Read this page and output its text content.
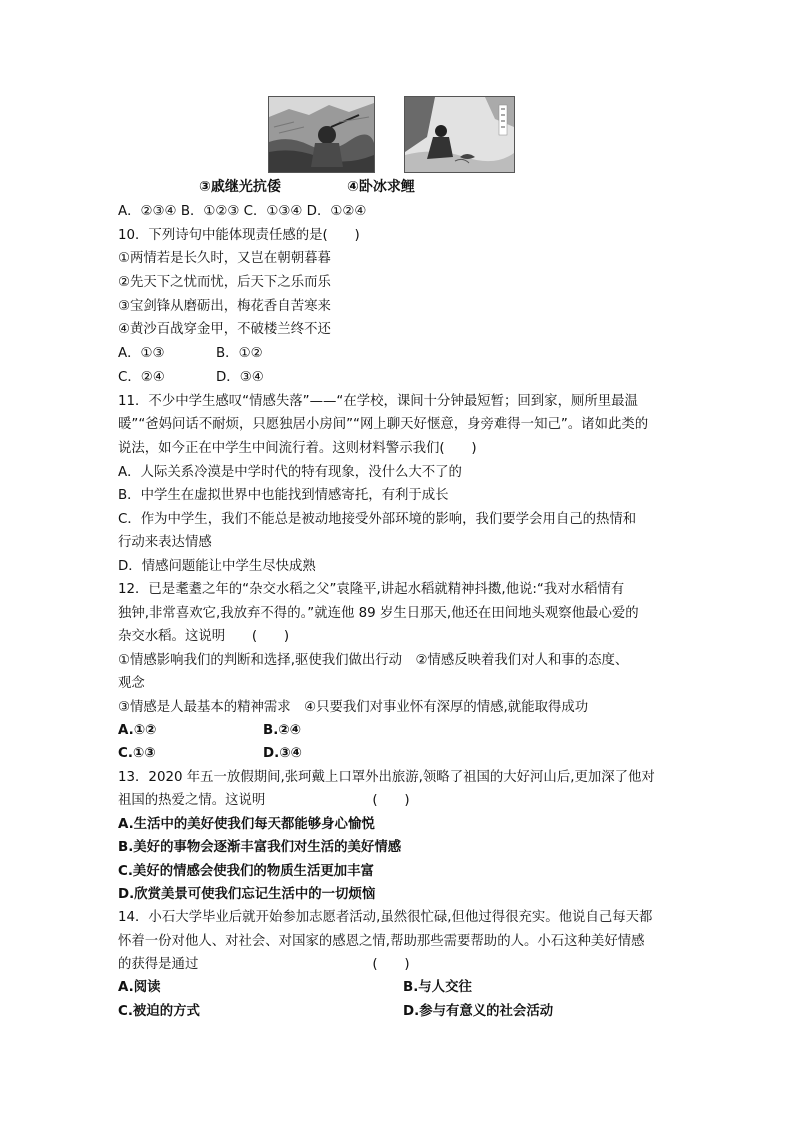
③戚继光抗倭	④卧冰求鲤
A．②③④ B．①②③ C．①③④ D．①②④
10．下列诗句中能体现责任感的是(　　)
①两情若是长久时，又岂在朝朝暮暮
②先天下之忧而忧，后天下之乐而乐
③宝剑锋从磨砺出，梅花香自苦寒来
④黄沙百战穿金甲，不破楼兰终不还
A．①③	B．①②
C．②④	D．③④
11．不少中学生感叹“情感失落”——“在学校，课间十分钟最短暂；回到家，厕所里最温
暖”“爸妈问话不耐烦，只愿独居小房间”“网上聊天好惬意，身旁难得一知己”。诸如此类的
说法，如今正在中学生中间流行着。这则材料警示我们(　　)
A．人际关系冷漠是中学时代的特有现象，没什么大不了的
B．中学生在虚拟世界中也能找到情感寄托，有利于成长
C．作为中学生，我们不能总是被动地接受外部环境的影响，我们要学会用自己的热情和
行动来表达情感
D．情感问题能让中学生尽快成熟
12．已是耄耋之年的“杂交水稻之父”袁隆平,讲起水稻就精神抖擞,他说:“我对水稻情有
独钟,非常喜欢它,我放弃不得的。”就连他 89 岁生日那天,他还在田间地头观察他最心爱的
杂交水稻。这说明　　(　　)
①情感影响我们的判断和选择,驱使我们做出行动　②情感反映着我们对人和事的态度、
观念
③情感是人最基本的精神需求　④只要我们对事业怀有深厚的情感,就能取得成功
A.①②	B.②④
C.①③	D.③④
13．2020 年五一放假期间,张珂戴上口罩外出旅游,领略了祖国的大好河山后,更加深了他对
祖国的热爱之情。这说明　　　　　　　　(　　)
A.生活中的美好使我们每天都能够身心愉悦
B.美好的事物会逐渐丰富我们对生活的美好情感
C.美好的情感会使我们的物质生活更加丰富
D.欣赏美景可使我们忘记生活中的一切烦恼
14．小石大学毕业后就开始参加志愿者活动,虽然很忙碌,但他过得很充实。他说自己每天都
怀着一份对他人、对社会、对国家的感恩之情,帮助那些需要帮助的人。小石这种美好情感
的获得是通过　　　　　　　　　　　　　(　　)
A.阅读	B.与人交往
C.被迫的方式	D.参与有意义的社会活动
